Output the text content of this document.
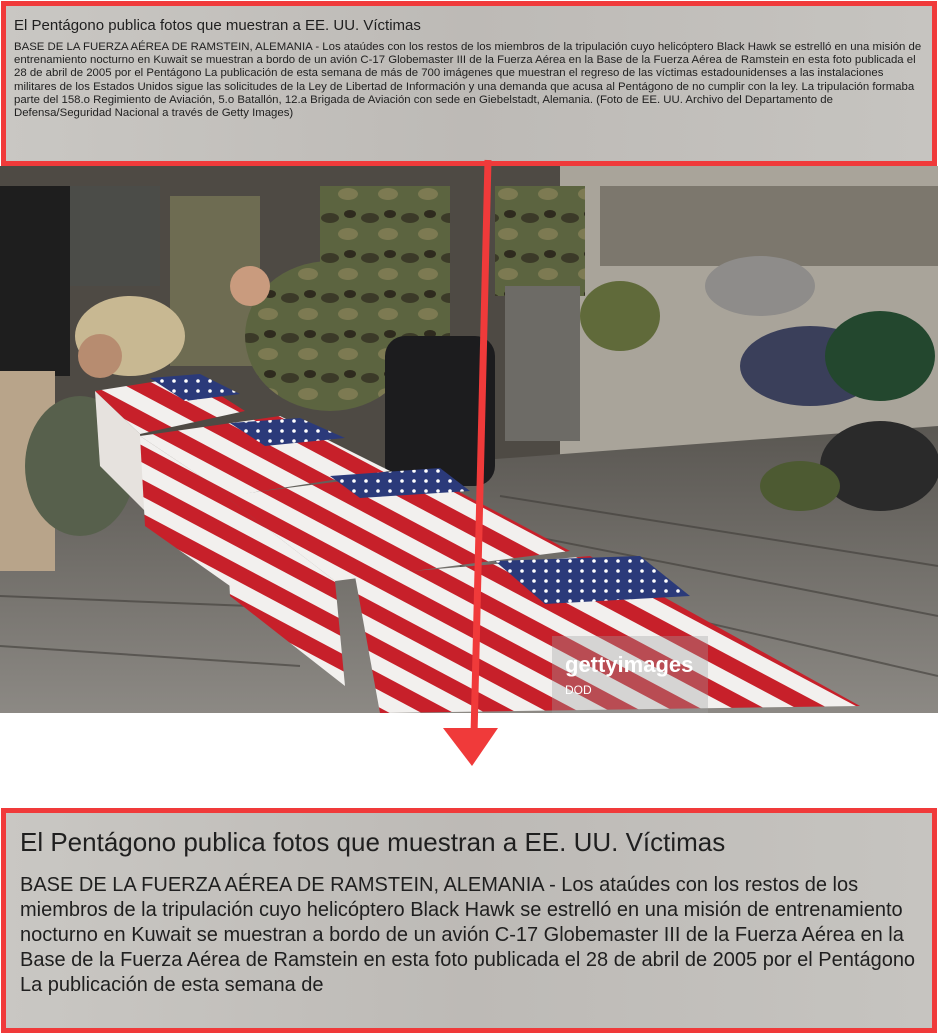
El Pentágono publica fotos que muestran a EE. UU. Víctimas
BASE DE LA FUERZA AÉREA DE RAMSTEIN, ALEMANIA - Los ataúdes con los restos de los miembros de la tripulación cuyo helicóptero Black Hawk se estrelló en una misión de entrenamiento nocturno en Kuwait se muestran a bordo de un avión C-17 Globemaster III de la Fuerza Aérea en la Base de la Fuerza Aérea de Ramstein en esta foto publicada el 28 de abril de 2005 por el Pentágono La publicación de esta semana de más de 700 imágenes que muestran el regreso de las víctimas estadounidenses a las instalaciones militares de los Estados Unidos sigue las solicitudes de la Ley de Libertad de Información y una demanda que acusa al Pentágono de no cumplir con la ley. La tripulación formaba parte del 158.o Regimiento de Aviación, 5.o Batallón, 12.a Brigada de Aviación con sede en Giebelstadt, Alemania. (Foto de EE. UU. Archivo del Departamento de Defensa/Seguridad Nacional a través de Getty Images)
gettyimages
DOD
El Pentágono publica fotos que muestran a EE. UU. Víctimas
BASE DE LA FUERZA AÉREA DE RAMSTEIN, ALEMANIA - Los ataúdes con los restos de los miembros de la tripulación cuyo helicóptero Black Hawk se estrelló en una misión de entrenamiento nocturno en Kuwait se muestran a bordo de un avión C-17 Globemaster III de la Fuerza Aérea en la Base de la Fuerza Aérea de Ramstein en esta foto publicada el 28 de abril de 2005 por el Pentágono La publicación de esta semana de
